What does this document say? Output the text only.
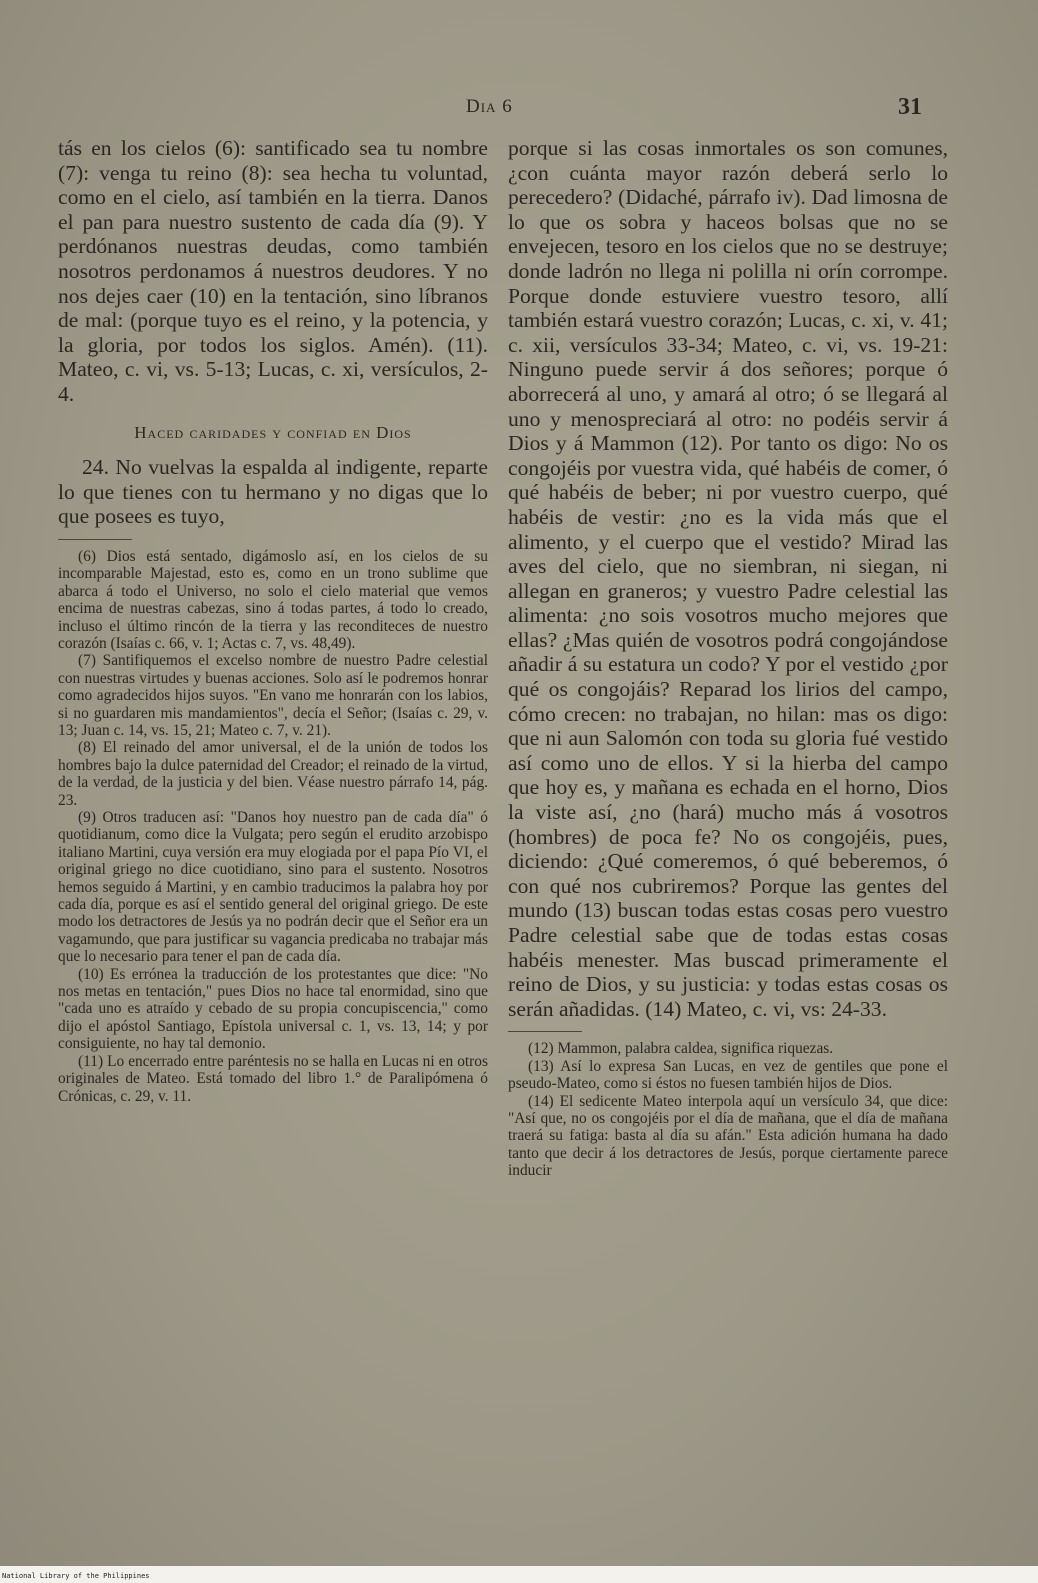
Dia 6	31

tás en los cielos (6): santificado sea tu nombre (7): venga tu reino (8): sea hecha tu voluntad, como en el cielo, así también en la tierra. Danos el pan para nuestro sustento de cada día (9). Y perdónanos nuestras deudas, como también nosotros perdonamos á nuestros deudores. Y no nos dejes caer (10) en la tentación, sino líbranos de mal: (porque tuyo es el reino, y la potencia, y la gloria, por todos los siglos. Amén). (11). Mateo, c. vi, vs. 5-13; Lucas, c. xi, versículos, 2-4.

Haced caridades y confiad en Dios

24. No vuelvas la espalda al indigente, reparte lo que tienes con tu hermano y no digas que lo que posees es tuyo,

(6) Dios está sentado, digámoslo así, en los cielos de su incomparable Majestad, esto es, como en un trono sublime que abarca á todo el Universo, no solo el cielo material que vemos encima de nuestras cabezas, sino á todas partes, á todo lo creado, incluso el último rincón de la tierra y las reconditeces de nuestro corazón (Isaías c. 66, v. 1; Actas c. 7, vs. 48,49).

(7) Santifiquemos el excelso nombre de nuestro Padre celestial con nuestras virtudes y buenas acciones. Solo así le podremos honrar como agradecidos hijos suyos. "En vano me honrarán con los labios, si no guardaren mis mandamientos", decía el Señor; (Isaías c. 29, v. 13; Juan c. 14, vs. 15, 21; Mateo c. 7, v. 21).

(8) El reinado del amor universal, el de la unión de todos los hombres bajo la dulce paternidad del Creador; el reinado de la virtud, de la verdad, de la justicia y del bien. Véase nuestro párrafo 14, pág. 23.

(9) Otros traducen así: "Danos hoy nuestro pan de cada día" ó quotidianum, como dice la Vulgata; pero según el erudito arzobispo italiano Martini, cuya versión era muy elogiada por el papa Pío VI, el original griego no dice cuotidiano, sino para el sustento. Nosotros hemos seguido á Martini, y en cambio traducimos la palabra hoy por cada día, porque es así el sentido general del original griego. De este modo los detractores de Jesús ya no podrán decir que el Señor era un vagamundo, que para justificar su vagancia predicaba no trabajar más que lo necesario para tener el pan de cada día.

(10) Es errónea la traducción de los protestantes que dice: "No nos metas en tentación," pues Dios no hace tal enormidad, sino que "cada uno es atraído y cebado de su propia concupiscencia," como dijo el apóstol Santiago, Epístola universal c. 1, vs. 13, 14; y por consiguiente, no hay tal demonio.

(11) Lo encerrado entre paréntesis no se halla en Lucas ni en otros originales de Mateo. Está tomado del libro 1.° de Paralipómena ó Crónicas, c. 29, v. 11.

porque si las cosas inmortales os son comunes, ¿con cuánta mayor razón deberá serlo lo perecedero? (Didaché, párrafo iv). Dad limosna de lo que os sobra y haceos bolsas que no se envejecen, tesoro en los cielos que no se destruye; donde ladrón no llega ni polilla ni orín corrompe. Porque donde estuviere vuestro tesoro, allí también estará vuestro corazón; Lucas, c. xi, v. 41; c. xii, versículos 33-34; Mateo, c. vi, vs. 19-21: Ninguno puede servir á dos señores; porque ó aborrecerá al uno, y amará al otro; ó se llegará al uno y menospreciará al otro: no podéis servir á Dios y á Mammon (12). Por tanto os digo: No os congojéis por vuestra vida, qué habéis de comer, ó qué habéis de beber; ni por vuestro cuerpo, qué habéis de vestir: ¿no es la vida más que el alimento, y el cuerpo que el vestido? Mirad las aves del cielo, que no siembran, ni siegan, ni allegan en graneros; y vuestro Padre celestial las alimenta: ¿no sois vosotros mucho mejores que ellas? ¿Mas quién de vosotros podrá congojándose añadir á su estatura un codo? Y por el vestido ¿por qué os congojáis? Reparad los lirios del campo, cómo crecen: no trabajan, no hilan: mas os digo: que ni aun Salomón con toda su gloria fué vestido así como uno de ellos. Y si la hierba del campo que hoy es, y mañana es echada en el horno, Dios la viste así, ¿no (hará) mucho más á vosotros (hombres) de poca fe? No os congojéis, pues, diciendo: ¿Qué comeremos, ó qué beberemos, ó con qué nos cubriremos? Porque las gentes del mundo (13) buscan todas estas cosas pero vuestro Padre celestial sabe que de todas estas cosas habéis menester. Mas buscad primeramente el reino de Dios, y su justicia: y todas estas cosas os serán añadidas. (14) Mateo, c. vi, vs: 24-33.

(12) Mammon, palabra caldea, significa riquezas.

(13) Así lo expresa San Lucas, en vez de gentiles que pone el pseudo-Mateo, como si éstos no fuesen también hijos de Dios.

(14) El sedicente Mateo interpola aquí un versículo 34, que dice: "Así que, no os congojéis por el día de mañana, que el día de mañana traerá su fatiga: basta al día su afán." Esta adición humana ha dado tanto que decir á los detractores de Jesús, porque ciertamente parece inducir

National Library of the Philippines
